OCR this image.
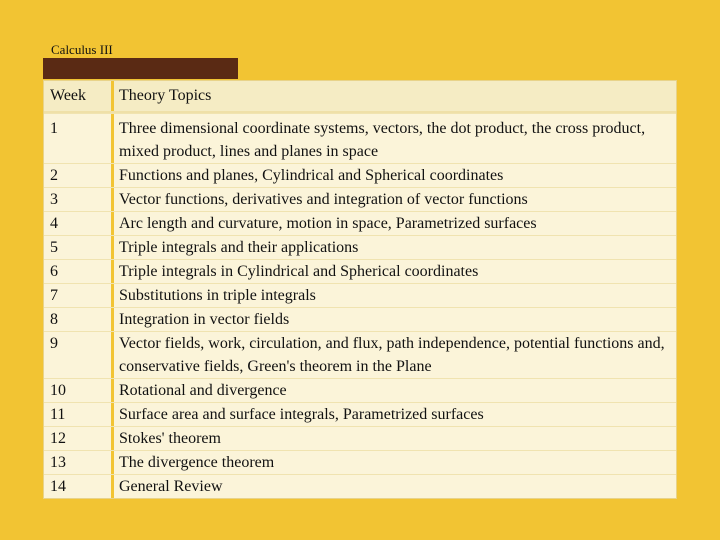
Calculus III
Week	Theory Topics
1	Three dimensional coordinate systems, vectors, the dot product, the cross product, mixed product, lines and planes in space
2	Functions and planes, Cylindrical and Spherical coordinates
3	Vector functions, derivatives and integration of vector functions
4	Arc length and curvature, motion in space, Parametrized surfaces
5	Triple integrals and their applications
6	Triple integrals in Cylindrical and Spherical coordinates
7	Substitutions in triple integrals
8	Integration in vector fields
9	Vector fields, work, circulation, and flux, path independence, potential functions and, conservative fields, Green's theorem in the Plane
10	Rotational and divergence
11	Surface area and surface integrals, Parametrized surfaces
12	Stokes' theorem
13	The divergence theorem
14	General Review
